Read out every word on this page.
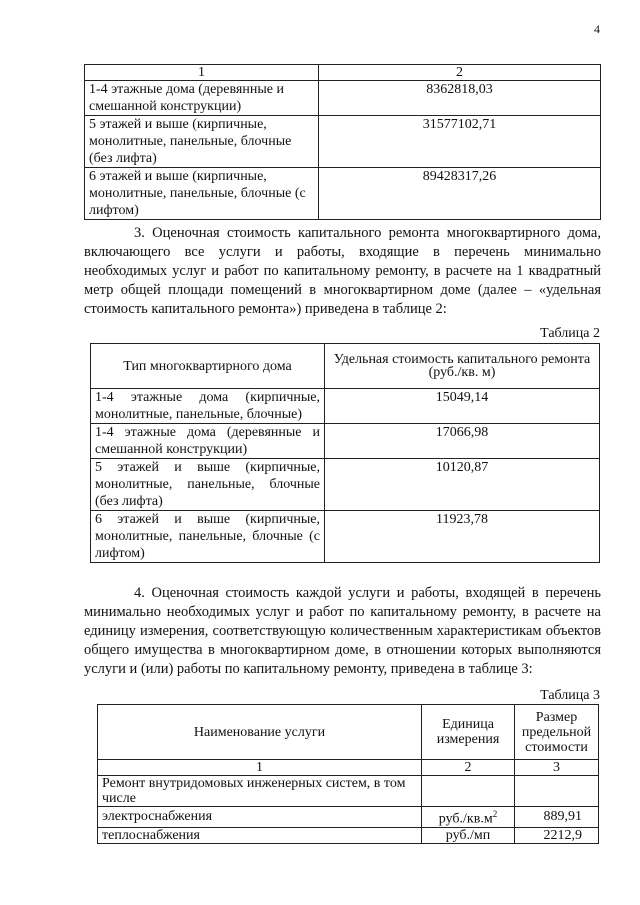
4
1	2
1-4 этажные дома (деревянные и смешанной конструкции)	8362818,03
5 этажей и выше (кирпичные, монолитные, панельные, блочные (без лифта)	31577102,71
6 этажей и выше (кирпичные, монолитные, панельные, блочные (с лифтом)	89428317,26
3. Оценочная стоимость капитального ремонта многоквартирного дома, включающего все услуги и работы, входящие в перечень минимально необходимых услуг и работ по капитальному ремонту, в расчете на 1 квадратный метр общей площади помещений в многоквартирном доме (далее – «удельная стоимость капитального ремонта») приведена в таблице 2:
Таблица 2
Тип многоквартирного дома	Удельная стоимость капитального ремонта (руб./кв. м)
1-4 этажные дома (кирпичные, монолитные, панельные, блочные)	15049,14
1-4 этажные дома (деревянные и смешанной конструкции)	17066,98
5 этажей и выше (кирпичные, монолитные, панельные, блочные (без лифта)	10120,87
6 этажей и выше (кирпичные, монолитные, панельные, блочные (с лифтом)	11923,78
4. Оценочная стоимость каждой услуги и работы, входящей в перечень минимально необходимых услуг и работ по капитальному ремонту, в расчете на единицу измерения, соответствующую количественным характеристикам объектов общего имущества в многоквартирном доме, в отношении которых выполняются услуги и (или) работы по капитальному ремонту, приведена в таблице 3:
Таблица 3
Наименование услуги	Единица измерения	Размер предельной стоимости
1	2	3
Ремонт внутридомовых инженерных систем, в том числе		
электроснабжения	$руб./кв.м^2$	889,91
теплоснабжения	руб./мп	2212,9
